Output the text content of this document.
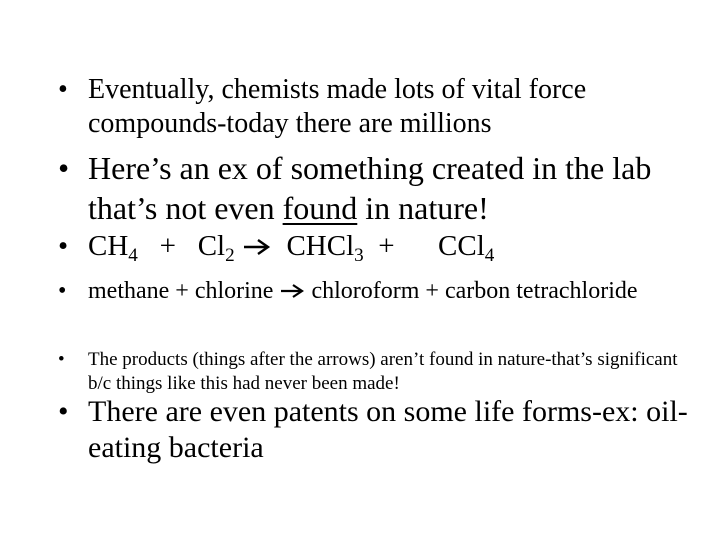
• Eventually, chemists made lots of vital force compounds-today there are millions
• Here’s an ex of something created in the lab that’s not even found in nature!
• $CH_4 + Cl_2$ CHCl$_3$  +      CCl$_4$
• methane + chlorine  chloroform + carbon tetrachloride
• The products (things after the arrows) aren’t found in nature-that’s significant b/c things like this had never been made!
• There are even patents on some life forms-ex: oil-eating bacteria
